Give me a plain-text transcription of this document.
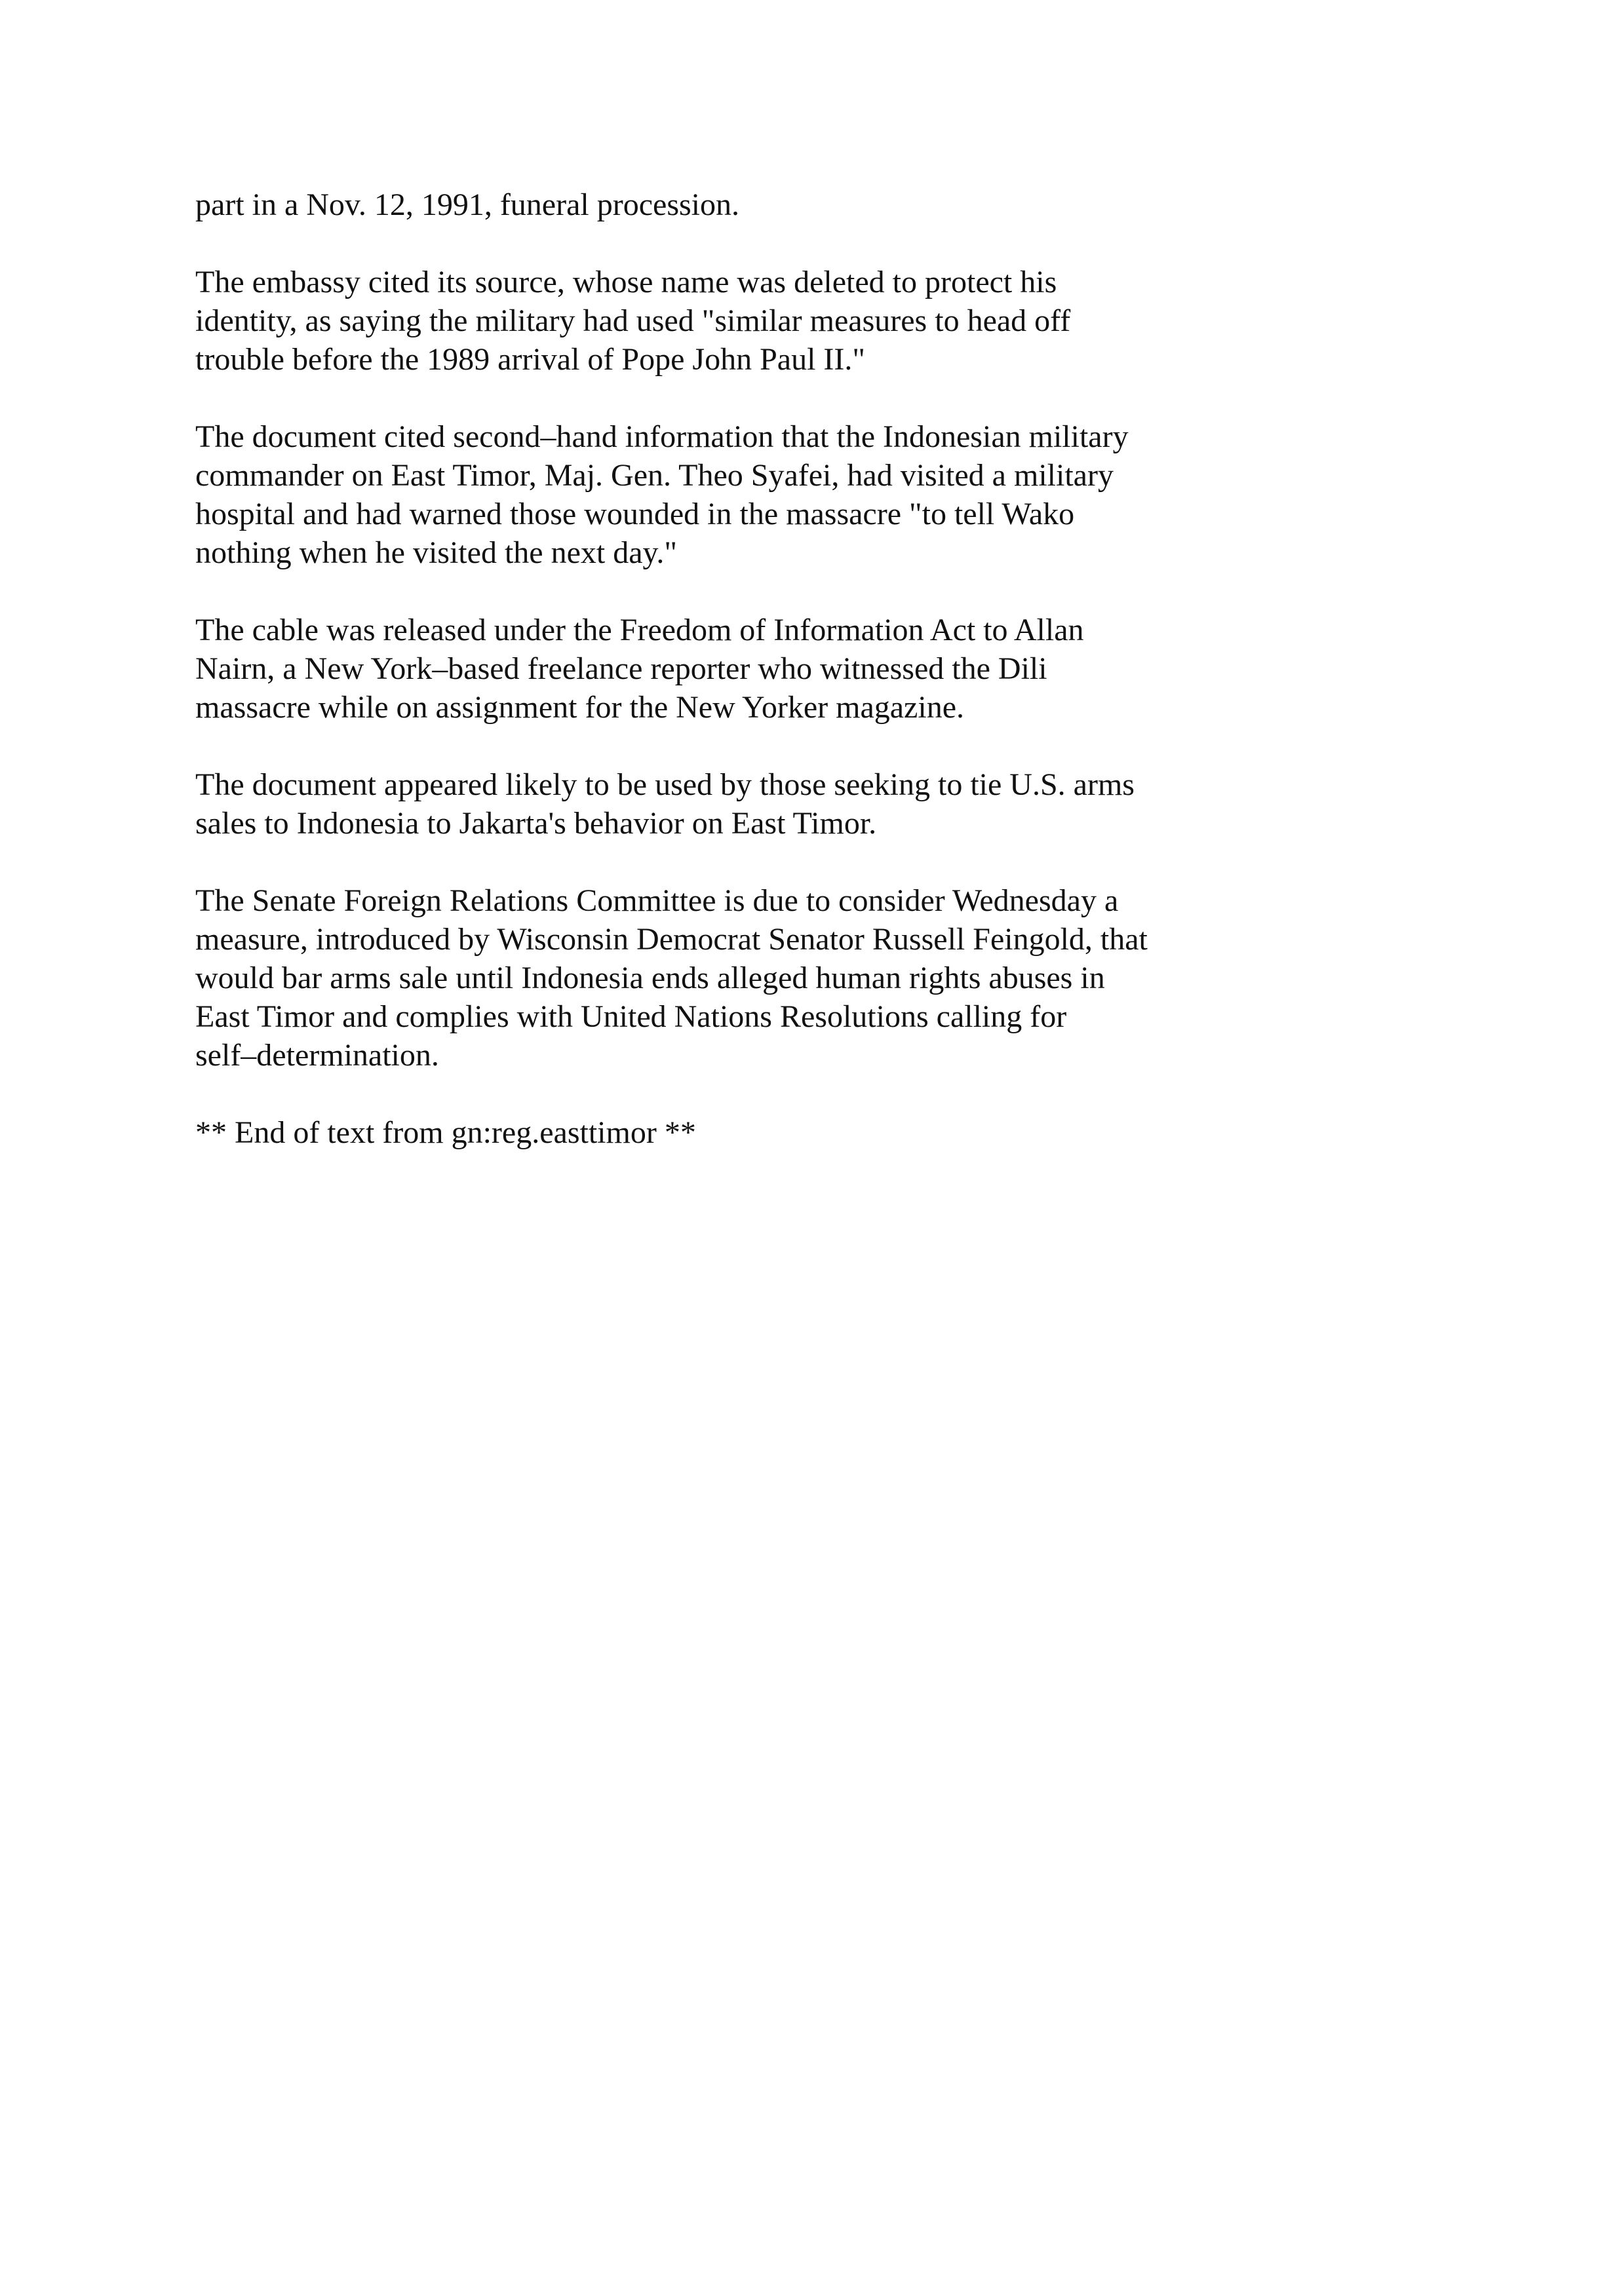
part in a Nov. 12, 1991, funeral procession.

The embassy cited its source, whose name was deleted to protect his
identity, as saying the military had used "similar measures to head off
trouble before the 1989 arrival of Pope John Paul II."

The document cited second–hand information that the Indonesian military
commander on East Timor, Maj. Gen. Theo Syafei, had visited a military
hospital and had warned those wounded in the massacre "to tell Wako
nothing when he visited the next day."

The cable was released under the Freedom of Information Act to Allan
Nairn, a New York–based freelance reporter who witnessed the Dili
massacre while on assignment for the New Yorker magazine.

The document appeared likely to be used by those seeking to tie U.S. arms
sales to Indonesia to Jakarta's behavior on East Timor.

The Senate Foreign Relations Committee is due to consider Wednesday a
measure, introduced by Wisconsin Democrat Senator Russell Feingold, that
would bar arms sale until Indonesia ends alleged human rights abuses in
East Timor and complies with United Nations Resolutions calling for
self–determination.

** End of text from gn:reg.easttimor **
